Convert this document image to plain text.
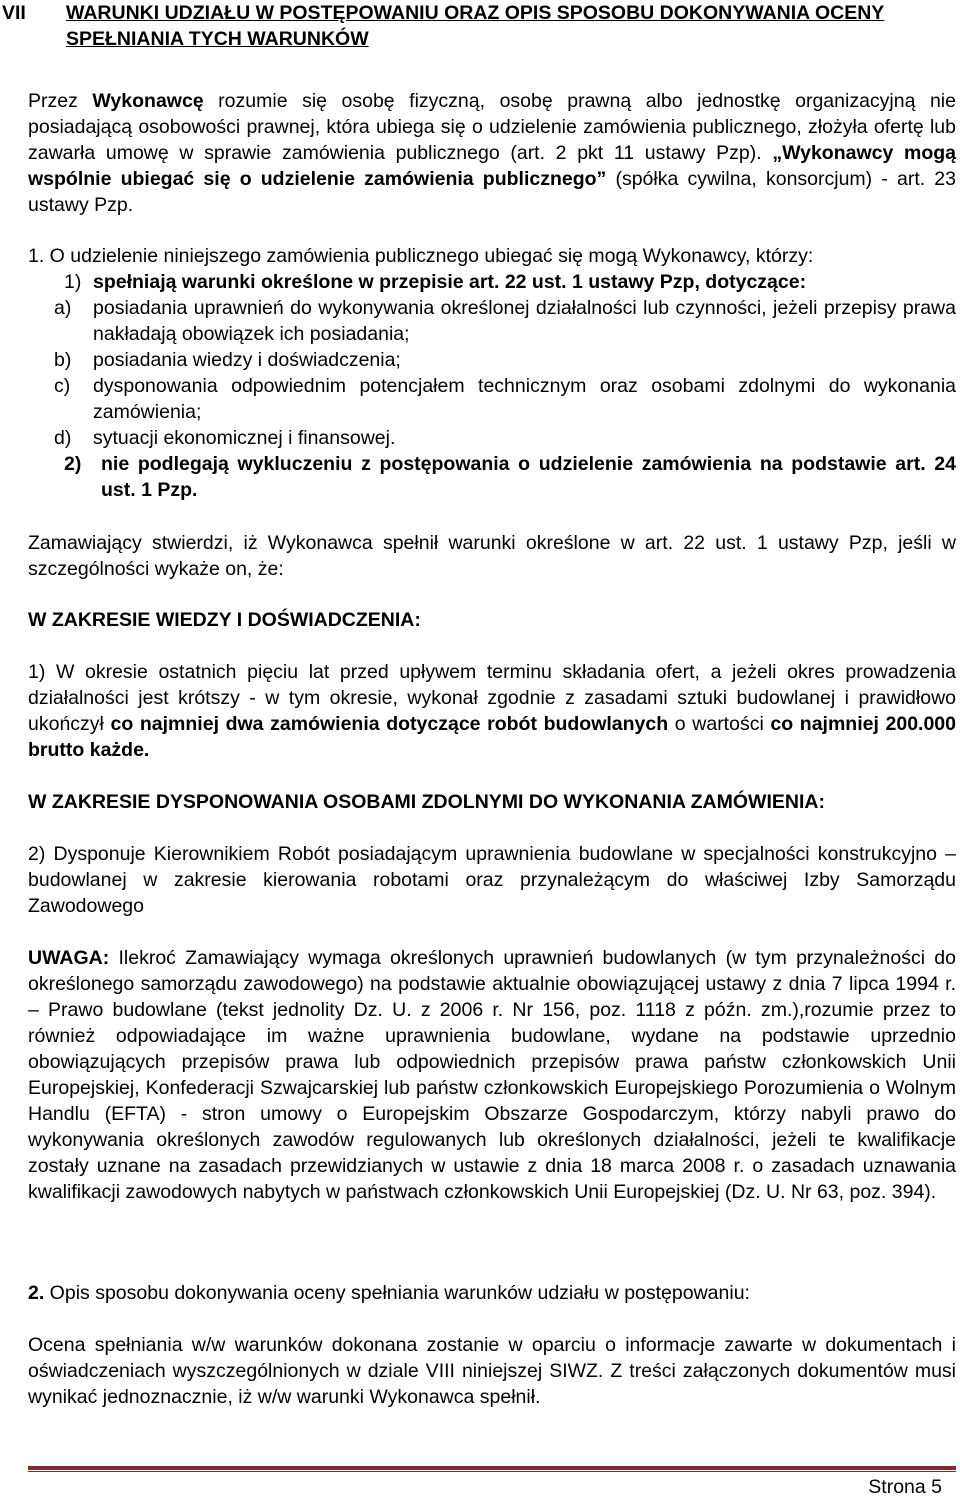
VII WARUNKI UDZIAŁU W POSTĘPOWANIU ORAZ OPIS SPOSOBU DOKONYWANIA OCENY SPEŁNIANIA TYCH WARUNKÓW
Przez Wykonawcę rozumie się osobę fizyczną, osobę prawną albo jednostkę organizacyjną nie posiadającą osobowości prawnej, która ubiega się o udzielenie zamówienia publicznego, złożyła ofertę lub zawarła umowę w sprawie zamówienia publicznego (art. 2 pkt 11 ustawy Pzp). „Wykonawcy mogą wspólnie ubiegać się o udzielenie zamówienia publicznego” (spółka cywilna, konsorcjum) - art. 23 ustawy Pzp.
1. O udzielenie niniejszego zamówienia publicznego ubiegać się mogą Wykonawcy, którzy:
1) spełniają warunki określone w przepisie art. 22 ust. 1 ustawy Pzp, dotyczące:
a) posiadania uprawnień do wykonywania określonej działalności lub czynności, jeżeli przepisy prawa nakładają obowiązek ich posiadania;
b) posiadania wiedzy i doświadczenia;
c) dysponowania odpowiednim potencjałem technicznym oraz osobami zdolnymi do wykonania zamówienia;
d) sytuacji ekonomicznej i finansowej.
2) nie podlegają wykluczeniu z postępowania o udzielenie zamówienia na podstawie art. 24 ust. 1 Pzp.
Zamawiający stwierdzi, iż Wykonawca spełnił warunki określone w art. 22 ust. 1 ustawy Pzp, jeśli w szczególności wykaże on, że:
W ZAKRESIE WIEDZY I DOŚWIADCZENIA:
1) W okresie ostatnich pięciu lat przed upływem terminu składania ofert, a jeżeli okres prowadzenia działalności jest krótszy - w tym okresie, wykonał zgodnie z zasadami sztuki budowlanej i prawidłowo ukończył co najmniej dwa zamówienia dotyczące robót budowlanych o wartości co najmniej 200.000 brutto każde.
W ZAKRESIE DYSPONOWANIA OSOBAMI ZDOLNYMI DO WYKONANIA ZAMÓWIENIA:
2) Dysponuje Kierownikiem Robót posiadającym uprawnienia budowlane w specjalności konstrukcyjno – budowlanej w zakresie kierowania robotami oraz przynależącym do właściwej Izby Samorządu Zawodowego
UWAGA: Ilekroć Zamawiający wymaga określonych uprawnień budowlanych (w tym przynależności do określonego samorządu zawodowego) na podstawie aktualnie obowiązującej ustawy z dnia 7 lipca 1994 r. – Prawo budowlane (tekst jednolity Dz. U. z 2006 r. Nr 156, poz. 1118 z późn. zm.),rozumie przez to również odpowiadające im ważne uprawnienia budowlane, wydane na podstawie uprzednio obowiązujących przepisów prawa lub odpowiednich przepisów prawa państw członkowskich Unii Europejskiej, Konfederacji Szwajcarskiej lub państw członkowskich Europejskiego Porozumienia o Wolnym Handlu (EFTA) - stron umowy o Europejskim Obszarze Gospodarczym, którzy nabyli prawo do wykonywania określonych zawodów regulowanych lub określonych działalności, jeżeli te kwalifikacje zostały uznane na zasadach przewidzianych w ustawie z dnia 18 marca 2008 r. o zasadach uznawania kwalifikacji zawodowych nabytych w państwach członkowskich Unii Europejskiej (Dz. U. Nr 63, poz. 394).
2. Opis sposobu dokonywania oceny spełniania warunków udziału w postępowaniu:
Ocena spełniania w/w warunków dokonana zostanie w oparciu o informacje zawarte w dokumentach i oświadczeniach wyszczególnionych w dziale VIII niniejszej SIWZ. Z treści załączonych dokumentów musi wynikać jednoznacznie, iż w/w warunki Wykonawca spełnił.
Strona 5
